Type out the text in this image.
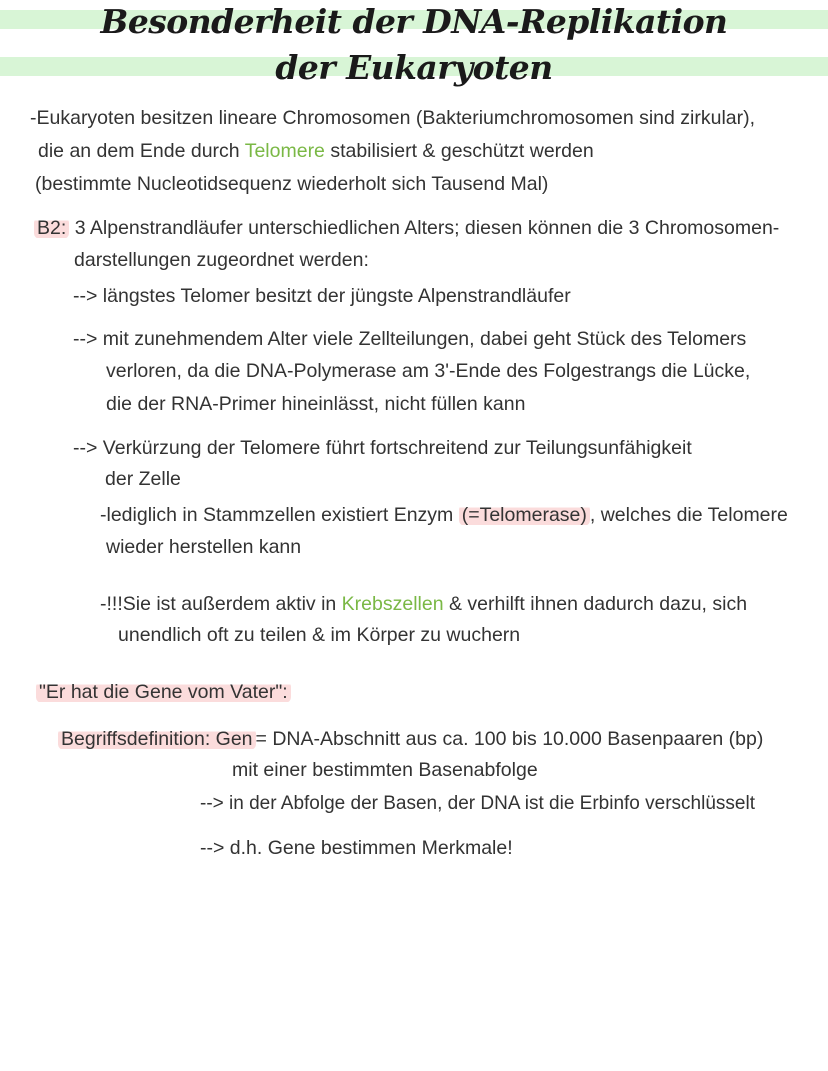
Besonderheit der DNA-Replikation
der Eukaryoten
-Eukaryoten besitzen lineare Chromosomen (Bakteriumchromosomen sind zirkular),
die an dem Ende durch Telomere stabilisiert & geschützt werden
(bestimmte Nucleotidsequenz wiederholt sich Tausend Mal)
B2: 3 Alpenstrandläufer unterschiedlichen Alters; diesen können die 3 Chromosomen-
darstellungen zugeordnet werden:
--> längstes Telomer besitzt der jüngste Alpenstrandläufer
--> mit zunehmendem Alter viele Zellteilungen, dabei geht Stück des Telomers
verloren, da die DNA-Polymerase am 3'-Ende des Folgestrangs die Lücke,
die der RNA-Primer hineinlässt, nicht füllen kann
--> Verkürzung der Telomere führt fortschreitend zur Teilungsunfähigkeit
der Zelle
-lediglich in Stammzellen existiert Enzym (=Telomerase) , welches die Telomere
wieder herstellen kann
-!!!Sie ist außerdem aktiv in Krebszellen & verhilft ihnen dadurch dazu, sich
unendlich oft zu teilen & im Körper zu wuchern
"Er hat die Gene vom Vater":
Begriffsdefinition: Gen = DNA-Abschnitt aus ca. 100 bis 10.000 Basenpaaren (bp)
mit einer bestimmten Basenabfolge
--> in der Abfolge der Basen, der DNA ist die Erbinfo verschlüsselt
--> d.h. Gene bestimmen Merkmale!
